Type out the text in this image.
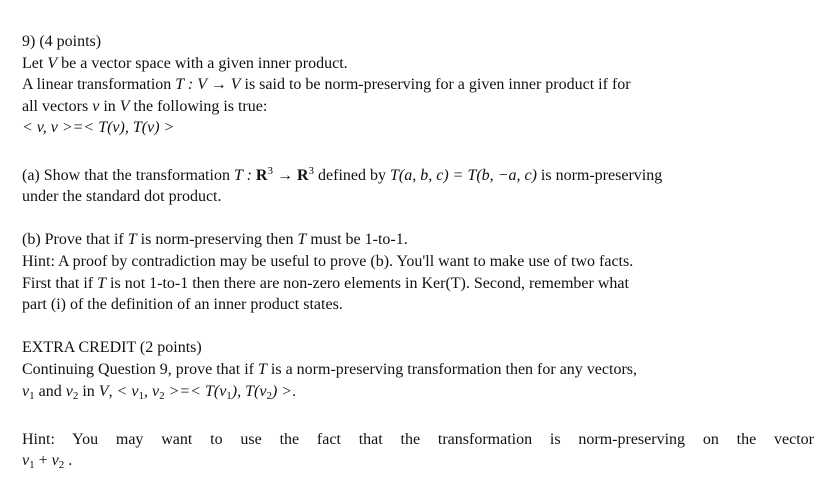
9) (4 points)
Let V be a vector space with a given inner product.
A linear transformation T : V → V is said to be norm-preserving for a given inner product if for
all vectors v in V the following is true:
< v, v >=< T(v), T(v) >
(a) Show that the transformation T : $R^3 \to R^3$ defined by T(a, b, c) = T(b, −a, c) is norm-preserving
under the standard dot product.
(b) Prove that if T is norm-preserving then T must be 1-to-1.
Hint: A proof by contradiction may be useful to prove (b). You'll want to make use of two facts.
First that if T is not 1-to-1 then there are non-zero elements in Ker(T). Second, remember what
part (i) of the definition of an inner product states.
EXTRA CREDIT (2 points)
Continuing Question 9, prove that if T is a norm-preserving transformation then for any vectors,
$v_1$ and $v_2$ in V, < $v_1$, $v_2$ >=< $T(v_1)$, $T(v_2)$ >.
Hint: You may want to use the fact that the transformation is norm-preserving on the vector
$v_1 + v_2$ .
